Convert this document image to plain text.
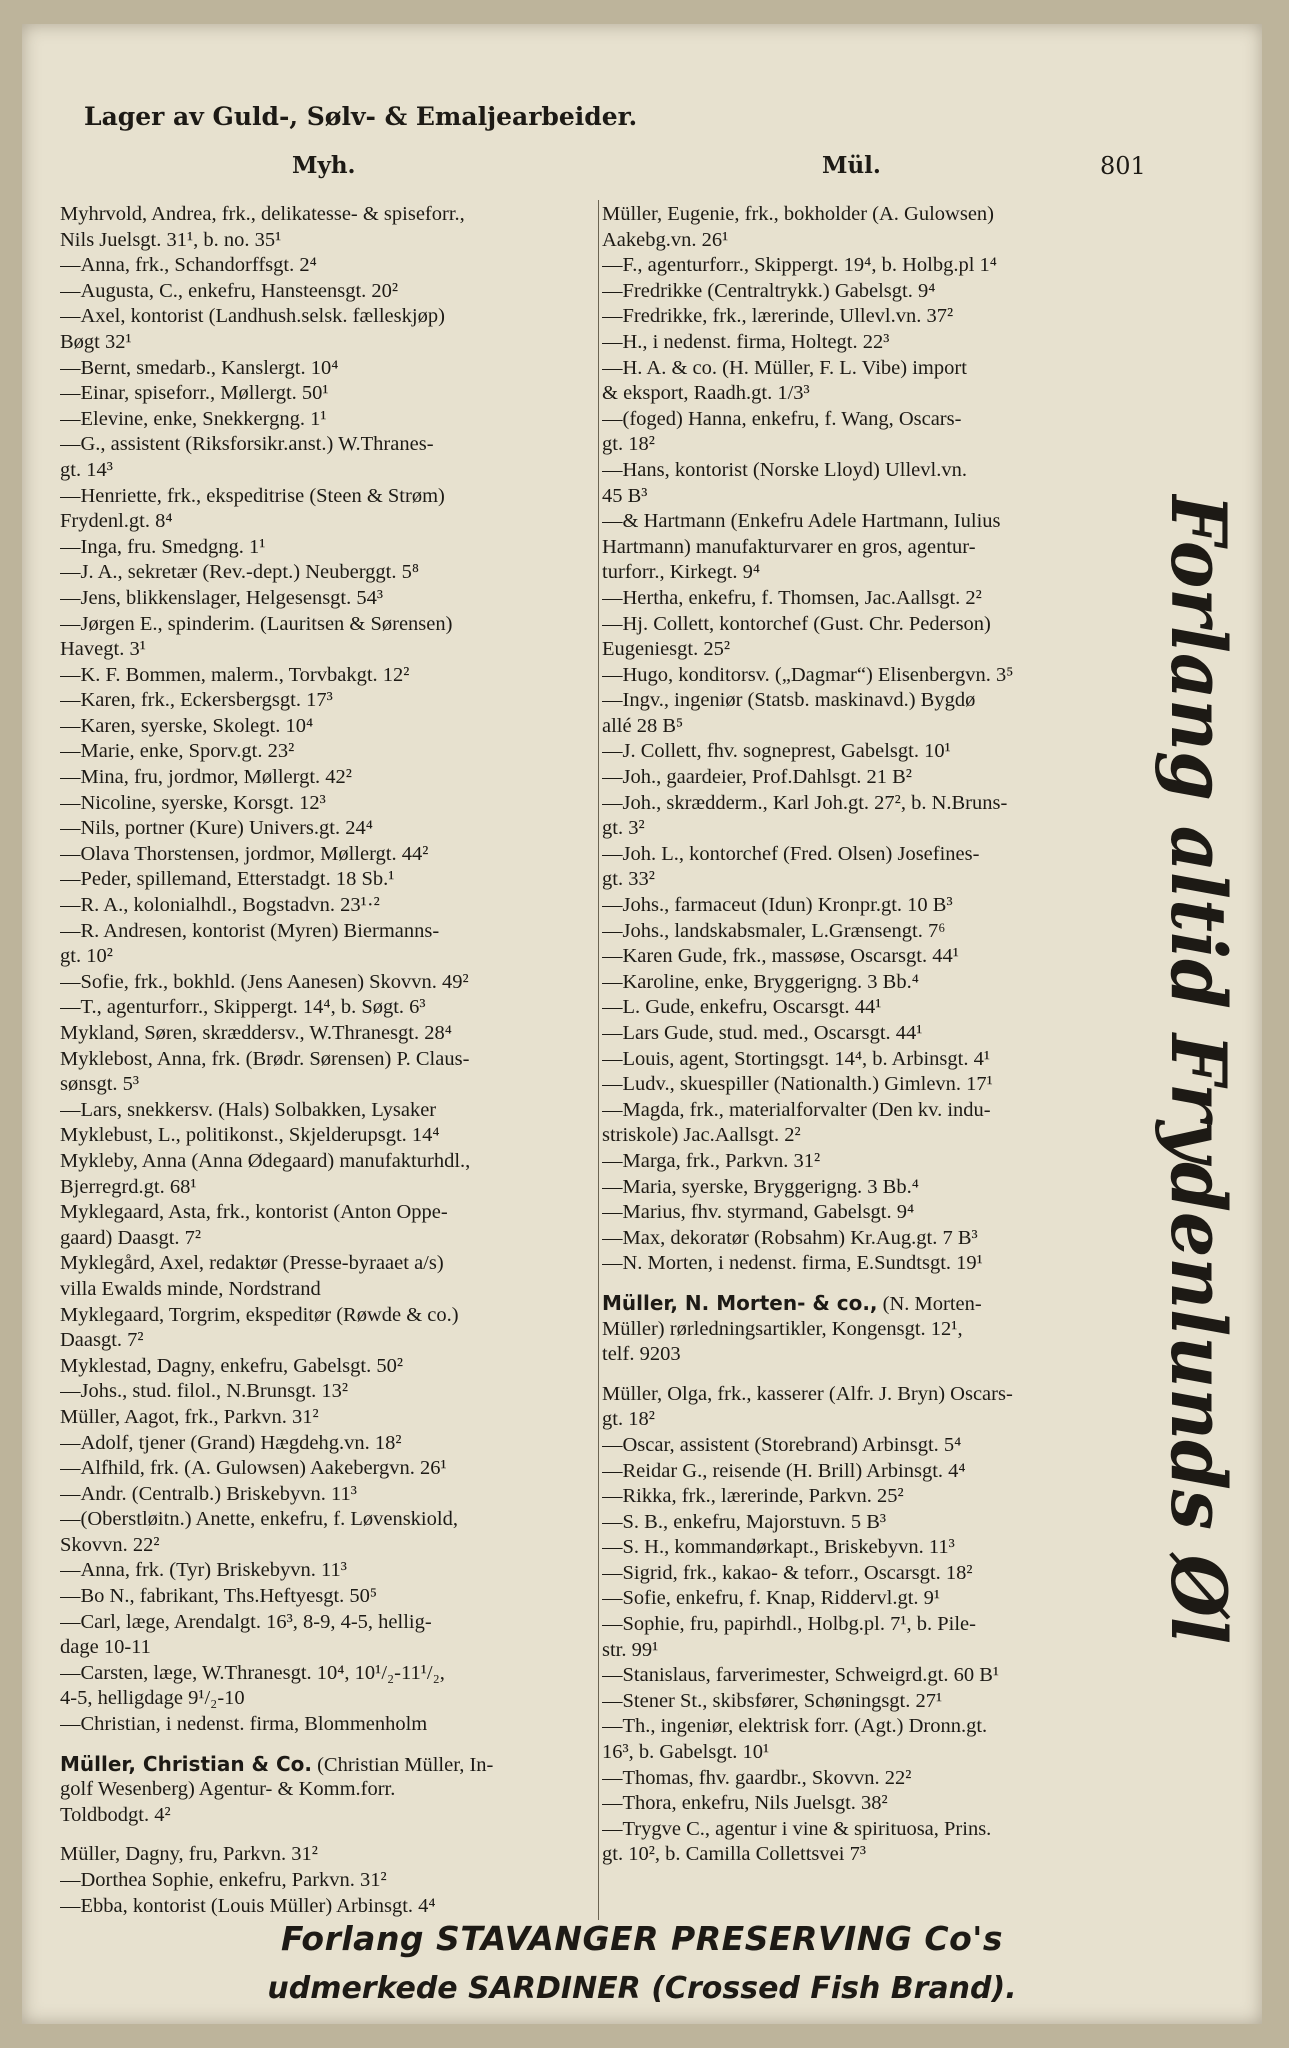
Lager av Guld-, Sølv- & Emaljearbeider.
Myh.	Mül.	801
Myhrvold, Andrea, frk., delikatesse- & spiseforr.,
Nils Juelsgt. 31¹, b. no. 35¹
—Anna, frk., Schandorffsgt. 2⁴
—Augusta, C., enkefru, Hansteensgt. 20²
—Axel, kontorist (Landhush.selsk. fælleskjøp)
Bøgt 32¹
—Bernt, smedarb., Kanslergt. 10⁴
—Einar, spiseforr., Møllergt. 50¹
—Elevine, enke, Snekkergng. 1¹
—G., assistent (Riksforsikr.anst.) W.Thranes-
gt. 14³
—Henriette, frk., ekspeditrise (Steen & Strøm)
Frydenl.gt. 8⁴
—Inga, fru. Smedgng. 1¹
—J. A., sekretær (Rev.-dept.) Neuberggt. 5⁸
—Jens, blikkenslager, Helgesensgt. 54³
—Jørgen E., spinderim. (Lauritsen & Sørensen)
Havegt. 3¹
—K. F. Bommen, malerm., Torvbakgt. 12²
—Karen, frk., Eckersbergsgt. 17³
—Karen, syerske, Skolegt. 10⁴
—Marie, enke, Sporv.gt. 23²
—Mina, fru, jordmor, Møllergt. 42²
—Nicoline, syerske, Korsgt. 12³
—Nils, portner (Kure) Univers.gt. 24⁴
—Olava Thorstensen, jordmor, Møllergt. 44²
—Peder, spillemand, Etterstadgt. 18 Sb.¹
—R. A., kolonialhdl., Bogstadvn. 23¹·²
—R. Andresen, kontorist (Myren) Biermanns-
gt. 10²
—Sofie, frk., bokhld. (Jens Aanesen) Skovvn. 49²
—T., agenturforr., Skippergt. 14⁴, b. Søgt. 6³
Mykland, Søren, skræddersv., W.Thranesgt. 28⁴
Myklebost, Anna, frk. (Brødr. Sørensen) P. Claus-
sønsgt. 5³
—Lars, snekkersv. (Hals) Solbakken, Lysaker
Myklebust, L., politikonst., Skjelderupsgt. 14⁴
Mykleby, Anna (Anna Ødegaard) manufakturhdl.,
Bjerregrd.gt. 68¹
Myklegaard, Asta, frk., kontorist (Anton Oppe-
gaard) Daasgt. 7²
Myklegård, Axel, redaktør (Presse-byraaet a/s)
villa Ewalds minde, Nordstrand
Myklegaard, Torgrim, ekspeditør (Røwde & co.)
Daasgt. 7²
Myklestad, Dagny, enkefru, Gabelsgt. 50²
—Johs., stud. filol., N.Brunsgt. 13²
Müller, Aagot, frk., Parkvn. 31²
—Adolf, tjener (Grand) Hægdehg.vn. 18²
—Alfhild, frk. (A. Gulowsen) Aakebergvn. 26¹
—Andr. (Centralb.) Briskebyvn. 11³
—(Oberstløitn.) Anette, enkefru, f. Løvenskiold,
Skovvn. 22²
—Anna, frk. (Tyr) Briskebyvn. 11³
—Bo N., fabrikant, Ths.Heftyesgt. 50⁵
—Carl, læge, Arendalgt. 16³, 8-9, 4-5, hellig-
dage 10-11
—Carsten, læge, W.Thranesgt. 10⁴, 10¹/₂-11¹/₂,
4-5, helligdage 9¹/₂-10
—Christian, i nedenst. firma, Blommenholm
Müller, Christian & Co. (Christian Müller, In-
golf Wesenberg) Agentur- & Komm.forr.
Toldbodgt. 4²
Müller, Dagny, fru, Parkvn. 31²
—Dorthea Sophie, enkefru, Parkvn. 31²
—Ebba, kontorist (Louis Müller) Arbinsgt. 4⁴
Müller, Eugenie, frk., bokholder (A. Gulowsen)
Aakebg.vn. 26¹
—F., agenturforr., Skippergt. 19⁴, b. Holbg.pl 1⁴
—Fredrikke (Centraltrykk.) Gabelsgt. 9⁴
—Fredrikke, frk., lærerinde, Ullevl.vn. 37²
—H., i nedenst. firma, Holtegt. 22³
—H. A. & co. (H. Müller, F. L. Vibe) import
& eksport, Raadh.gt. 1/3³
—(foged) Hanna, enkefru, f. Wang, Oscars-
gt. 18²
—Hans, kontorist (Norske Lloyd) Ullevl.vn.
45 B³
—& Hartmann (Enkefru Adele Hartmann, Iulius
Hartmann) manufakturvarer en gros, agentur-
turforr., Kirkegt. 9⁴
—Hertha, enkefru, f. Thomsen, Jac.Aallsgt. 2²
—Hj. Collett, kontorchef (Gust. Chr. Pederson)
Eugeniesgt. 25²
—Hugo, konditorsv. („Dagmar“) Elisenbergvn. 3⁵
—Ingv., ingeniør (Statsb. maskinavd.) Bygdø
allé 28 B⁵
—J. Collett, fhv. sogneprest, Gabelsgt. 10¹
—Joh., gaardeier, Prof.Dahlsgt. 21 B²
—Joh., skrædderm., Karl Joh.gt. 27², b. N.Bruns-
gt. 3²
—Joh. L., kontorchef (Fred. Olsen) Josefines-
gt. 33²
—Johs., farmaceut (Idun) Kronpr.gt. 10 B³
—Johs., landskabsmaler, L.Grænsengt. 7⁶
—Karen Gude, frk., massøse, Oscarsgt. 44¹
—Karoline, enke, Bryggerigng. 3 Bb.⁴
—L. Gude, enkefru, Oscarsgt. 44¹
—Lars Gude, stud. med., Oscarsgt. 44¹
—Louis, agent, Stortingsgt. 14⁴, b. Arbinsgt. 4¹
—Ludv., skuespiller (Nationalth.) Gimlevn. 17¹
—Magda, frk., materialforvalter (Den kv. indu-
striskole) Jac.Aallsgt. 2²
—Marga, frk., Parkvn. 31²
—Maria, syerske, Bryggerigng. 3 Bb.⁴
—Marius, fhv. styrmand, Gabelsgt. 9⁴
—Max, dekoratør (Robsahm) Kr.Aug.gt. 7 B³
—N. Morten, i nedenst. firma, E.Sundtsgt. 19¹
Müller, N. Morten- & co., (N. Morten-
Müller) rørledningsartikler, Kongensgt. 12¹,
telf. 9203
Müller, Olga, frk., kasserer (Alfr. J. Bryn) Oscars-
gt. 18²
—Oscar, assistent (Storebrand) Arbinsgt. 5⁴
—Reidar G., reisende (H. Brill) Arbinsgt. 4⁴
—Rikka, frk., lærerinde, Parkvn. 25²
—S. B., enkefru, Majorstuvn. 5 B³
—S. H., kommandørkapt., Briskebyvn. 11³
—Sigrid, frk., kakao- & teforr., Oscarsgt. 18²
—Sofie, enkefru, f. Knap, Riddervl.gt. 9¹
—Sophie, fru, papirhdl., Holbg.pl. 7¹, b. Pile-
str. 99¹
—Stanislaus, farverimester, Schweigrd.gt. 60 B¹
—Stener St., skibsfører, Schøningsgt. 27¹
—Th., ingeniør, elektrisk forr. (Agt.) Dronn.gt.
16³, b. Gabelsgt. 10¹
—Thomas, fhv. gaardbr., Skovvn. 22²
—Thora, enkefru, Nils Juelsgt. 38²
—Trygve C., agentur i vine & spirituosa, Prins.
gt. 10², b. Camilla Collettsvei 7³
Forlang altid Frydenlunds Øl
Forlang STAVANGER PRESERVING Co's
udmerkede SARDINER (Crossed Fish Brand).
